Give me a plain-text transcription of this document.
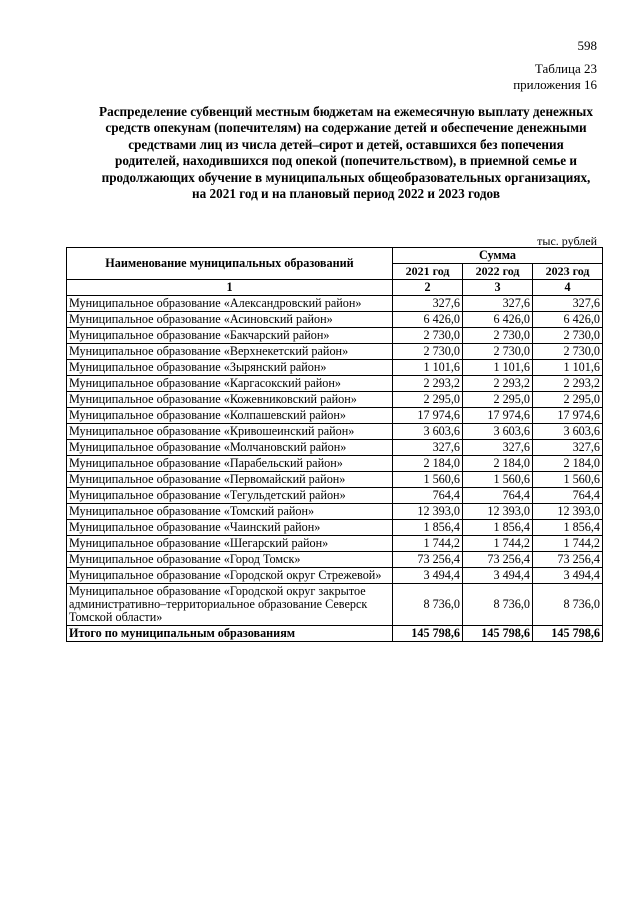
598
Таблица 23
приложения 16
Распределение субвенций местным бюджетам на ежемесячную выплату денежных средств опекунам (попечителям) на содержание детей и обеспечение денежными средствами лиц из числа детей–сирот и детей, оставшихся без попечения родителей, находившихся под опекой (попечительством), в приемной семье и продолжающих обучение в муниципальных общеобразовательных организациях, на 2021 год и на плановый период 2022 и 2023 годов
тыс. рублей
Наименование муниципальных образований	Сумма		
	2021 год	2022 год	2023 год
1	2	3	4
Муниципальное образование «Александровский район»	327,6	327,6	327,6
Муниципальное образование «Асиновский район»	6 426,0	6 426,0	6 426,0
Муниципальное образование «Бакчарский район»	2 730,0	2 730,0	2 730,0
Муниципальное образование «Верхнекетский район»	2 730,0	2 730,0	2 730,0
Муниципальное образование «Зырянский район»	1 101,6	1 101,6	1 101,6
Муниципальное образование «Каргасокский район»	2 293,2	2 293,2	2 293,2
Муниципальное образование «Кожевниковский район»	2 295,0	2 295,0	2 295,0
Муниципальное образование «Колпашевский район»	17 974,6	17 974,6	17 974,6
Муниципальное образование «Кривошеинский район»	3 603,6	3 603,6	3 603,6
Муниципальное образование «Молчановский район»	327,6	327,6	327,6
Муниципальное образование «Парабельский район»	2 184,0	2 184,0	2 184,0
Муниципальное образование «Первомайский район»	1 560,6	1 560,6	1 560,6
Муниципальное образование «Тегульдетский район»	764,4	764,4	764,4
Муниципальное образование «Томский район»	12 393,0	12 393,0	12 393,0
Муниципальное образование «Чаинский район»	1 856,4	1 856,4	1 856,4
Муниципальное образование «Шегарский район»	1 744,2	1 744,2	1 744,2
Муниципальное образование «Город Томск»	73 256,4	73 256,4	73 256,4
Муниципальное образование «Городской округ Стрежевой»	3 494,4	3 494,4	3 494,4
Муниципальное образование «Городской округ закрытое административно–территориальное образование Северск Томской области»	8 736,0	8 736,0	8 736,0
Итого по муниципальным образованиям	145 798,6	145 798,6	145 798,6
